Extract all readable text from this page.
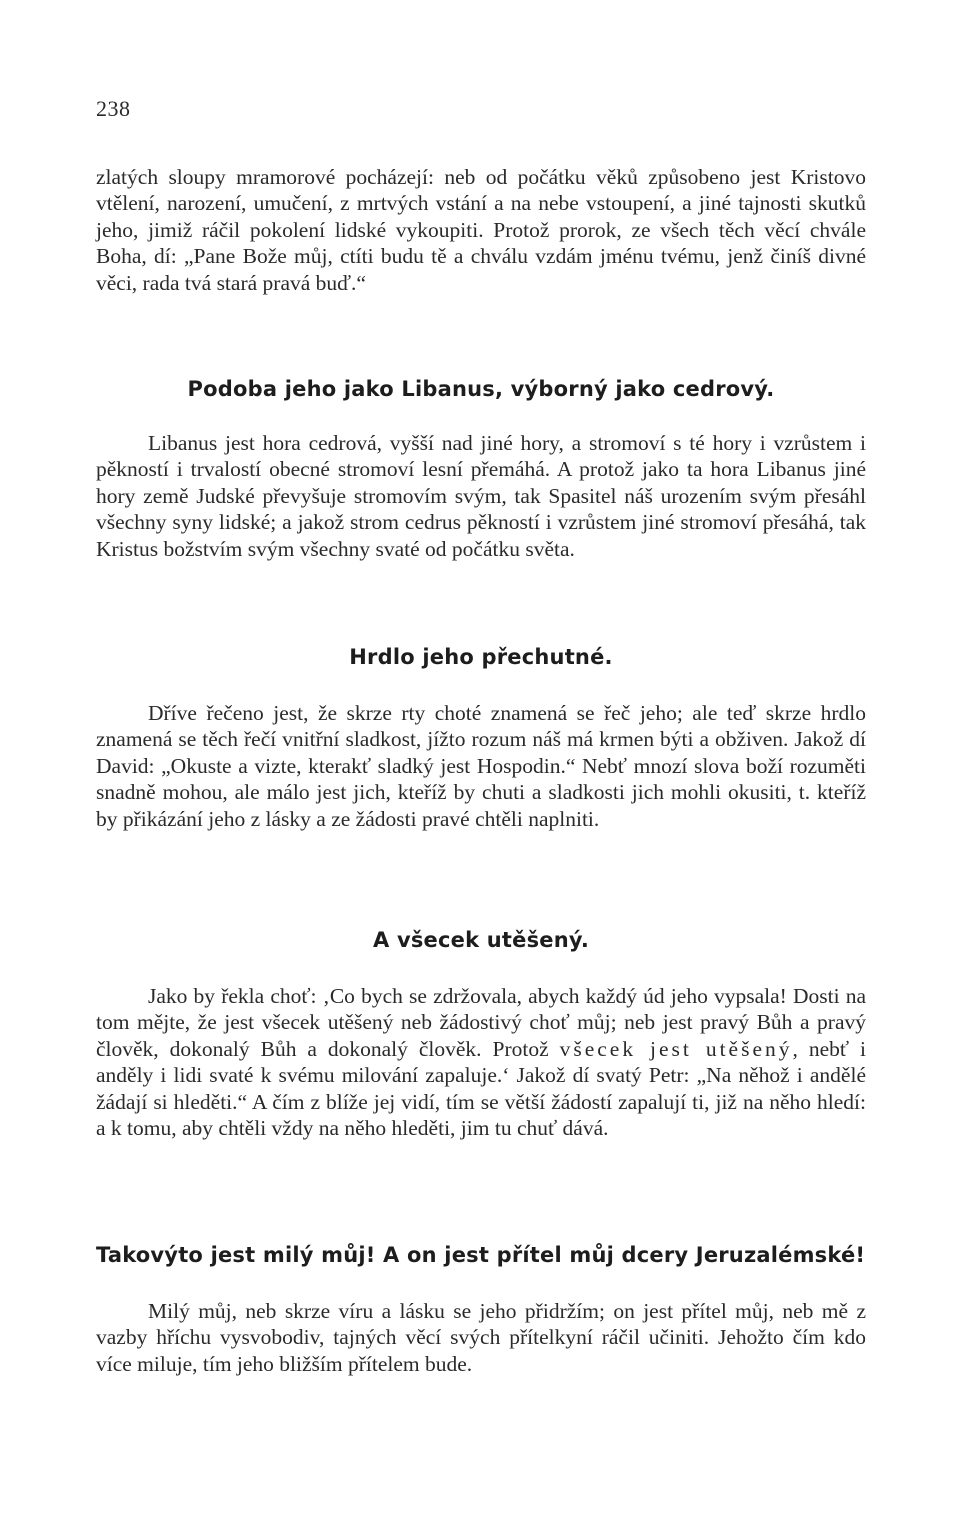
238

zlatých sloupy mramorové pocházejí: neb od počátku věků způsobeno jest Kristovo vtělení, narození, umučení, z mrtvých vstání a na nebe vstoupení, a jiné tajnosti skutků jeho, jimiž ráčil pokolení lidské vykoupiti. Protož prorok, ze všech těch věcí chvále Boha, dí: „Pane Bože můj, ctíti budu tě a chválu vzdám jménu tvému, jenž činíš divné věci, rada tvá stará pravá buď.“

Podoba jeho jako Libanus, výborný jako cedrový.

Libanus jest hora cedrová, vyšší nad jiné hory, a stromoví s té hory i vzrůstem i pěkností i trvalostí obecné stromoví lesní přemáhá. A protož jako ta hora Libanus jiné hory země Judské převyšuje stromovím svým, tak Spasitel náš urozením svým přesáhl všechny syny lidské; a jakož strom cedrus pěkností i vzrůstem jiné stromoví přesáhá, tak Kristus božstvím svým všechny svaté od počátku světa.

Hrdlo jeho přechutné.

Dříve řečeno jest, že skrze rty choté znamená se řeč jeho; ale teď skrze hrdlo znamená se těch řečí vnitřní sladkost, jížto rozum náš má krmen býti a obživen. Jakož dí David: „Okuste a vizte, kterakť sladký jest Hospodin.“ Nebť mnozí slova boží rozuměti snadně mohou, ale málo jest jich, kteříž by chuti a sladkosti jich mohli okusiti, t. kteříž by přikázání jeho z lásky a ze žádosti pravé chtěli naplniti.

A všecek utěšený.

Jako by řekla choť: ‚Co bych se zdržovala, abych každý úd jeho vypsala! Dosti na tom mějte, že jest všecek utěšený neb žádostivý choť můj; neb jest pravý Bůh a pravý člověk, dokonalý Bůh a dokonalý člověk. Protož všecek jest utěšený, nebť i anděly i lidi svaté k svému milování zapaluje.‘ Jakož dí svatý Petr: „Na něhož i andělé žádají si hleděti.“ A čím z blíže jej vidí, tím se větší žádostí zapalují ti, již na něho hledí: a k tomu, aby chtěli vždy na něho hleděti, jim tu chuť dává.

Takovýto jest milý můj! A on jest přítel můj dcery Jeruzalémské!

Milý můj, neb skrze víru a lásku se jeho přidržím; on jest přítel můj, neb mě z vazby hříchu vysvobodiv, tajných věcí svých přítelkyní ráčil učiniti. Jehožto čím kdo více miluje, tím jeho bližším přítelem bude.
